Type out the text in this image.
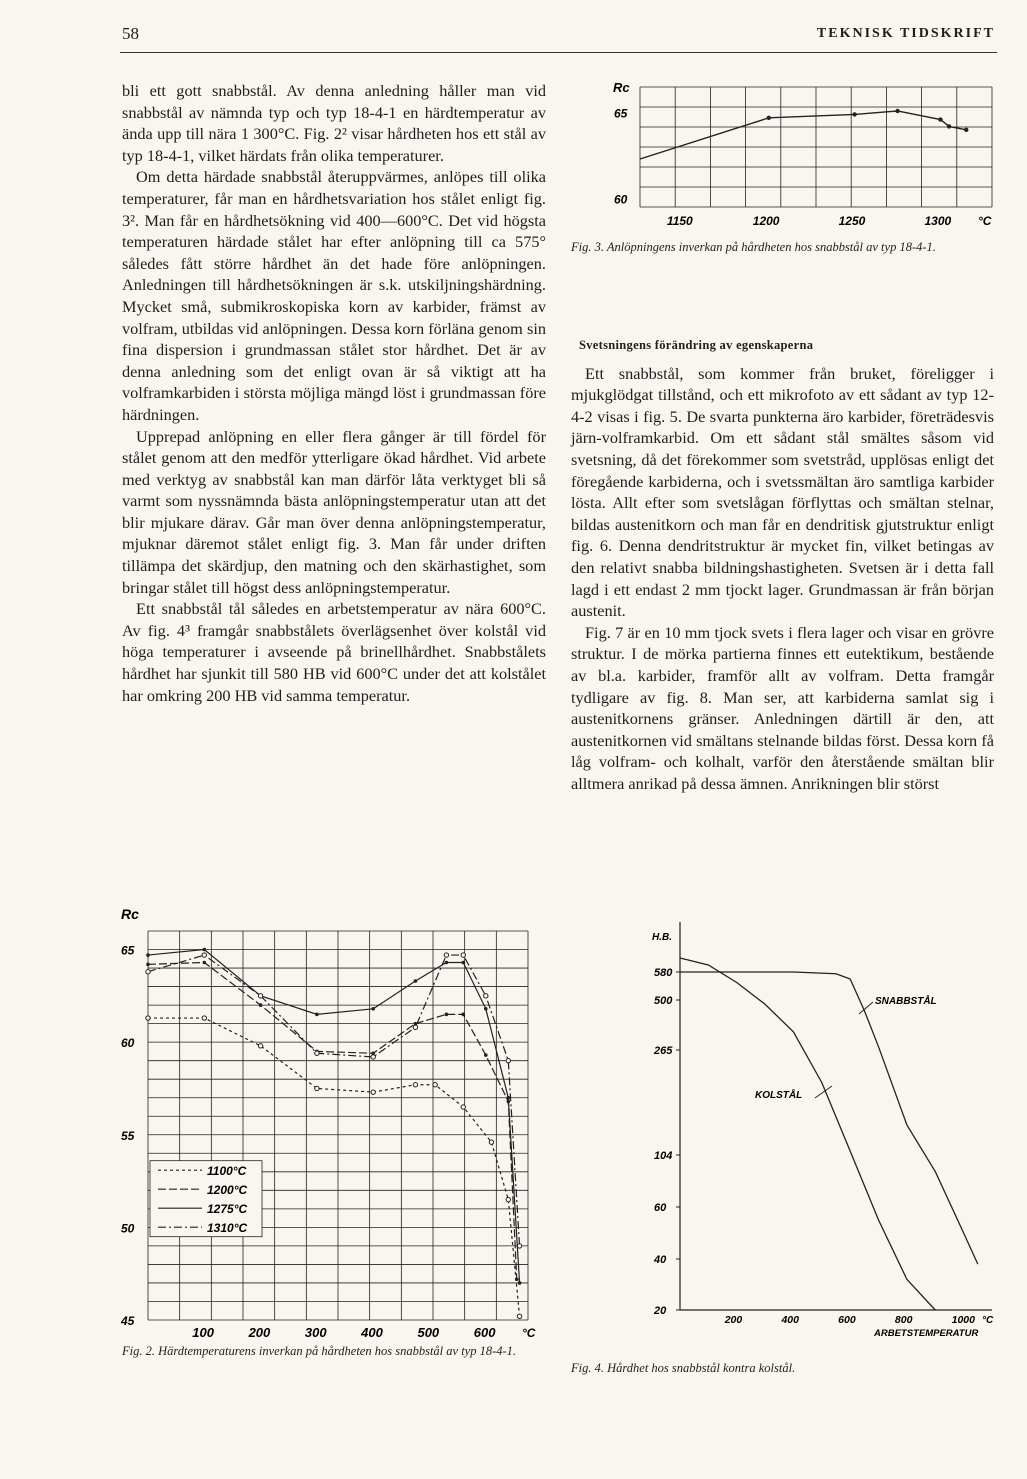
58	TEKNISK TIDSKRIFT

bli ett gott snabbstål. Av denna anledning håller man vid snabbstål av nämnda typ och typ 18-4-1 en härdtemperatur av ända upp till nära 1 300°C. Fig. 2² visar hårdheten hos ett stål av typ 18-4-1, vilket härdats från olika temperaturer.

Om detta härdade snabbstål återuppvärmes, anlöpes till olika temperaturer, får man en hårdhetsvariation hos stålet enligt fig. 3². Man får en hårdhetsökning vid 400—600°C. Det vid högsta temperaturen härdade stålet har efter anlöpning till ca 575° således fått större hårdhet än det hade före anlöpningen. Anledningen till hårdhetsökningen är s.k. utskiljningshärdning. Mycket små, submikroskopiska korn av karbider, främst av volfram, utbildas vid anlöpningen. Dessa korn förläna genom sin fina dispersion i grundmassan stålet stor hårdhet. Det är av denna anledning som det enligt ovan är så viktigt att ha volframkarbiden i största möjliga mängd löst i grundmassan före härdningen.

Upprepad anlöpning en eller flera gånger är till fördel för stålet genom att den medför ytterligare ökad hårdhet. Vid arbete med verktyg av snabbstål kan man därför låta verktyget bli så varmt som nyssnämnda bästa anlöpningstemperatur utan att det blir mjukare därav. Går man över denna anlöpningstemperatur, mjuknar däremot stålet enligt fig. 3. Man får under driften tillämpa det skärdjup, den matning och den skärhastighet, som bringar stålet till högst dess anlöpningstemperatur.

Ett snabbstål tål således en arbetstemperatur av nära 600°C. Av fig. 4³ framgår snabbstålets överlägsenhet över kolstål vid höga temperaturer i avseende på brinellhårdhet. Snabbstålets hårdhet har sjunkit till 580 HB vid 600°C under det att kolstålet har omkring 200 HB vid samma temperatur.

Svetsningens förändring av egenskaperna

Ett snabbstål, som kommer från bruket, föreligger i mjukglödgat tillstånd, och ett mikrofoto av ett sådant av typ 12-4-2 visas i fig. 5. De svarta punkterna äro karbider, företrädesvis järn-volframkarbid. Om ett sådant stål smältes såsom vid svetsning, då det förekommer som svetstråd, upplösas enligt det föregående karbiderna, och i svetssmältan äro samtliga karbider lösta. Allt efter som svetslågan förflyttas och smältan stelnar, bildas austenitkorn och man får en dendritisk gjutstruktur enligt fig. 6. Denna dendritstruktur är mycket fin, vilket betingas av den relativt snabba bildningshastigheten. Svetsen är i detta fall lagd i ett endast 2 mm tjockt lager. Grundmassan är från början austenit.

Fig. 7 är en 10 mm tjock svets i flera lager och visar en grövre struktur. I de mörka partierna finnes ett eutektikum, bestående av bl.a. karbider, framför allt av volfram. Detta framgår tydligare av fig. 8. Man ser, att karbiderna samlat sig i austenitkornens gränser. Anledningen därtill är den, att austenitkornen vid smältans stelnande bildas först. Dessa korn få låg volfram- och kolhalt, varför den återstående smältan blir alltmera anrikad på dessa ämnen. Anrikningen blir störst

Rc
60
65
1150	1200	1250	1300 °C
Fig. 3. Anlöpningens inverkan på hårdheten hos snabbstål av typ 18-4-1.
Rc
45
50
55
60
65
100	200	300	400	500	600 °C
1100°C
1200°C
1275°C
1310°C
Fig. 2. Härdtemperaturens inverkan på hårdheten hos snabbstål av typ 18-4-1.
H.B.
20
40
60
104
265
500
580
200	400	600	800	1000 °C
ARBETSTEMPERATUR
SNABBSTÅL
KOLSTÅL
Fig. 4. Hårdhet hos snabbstål kontra kolstål.
